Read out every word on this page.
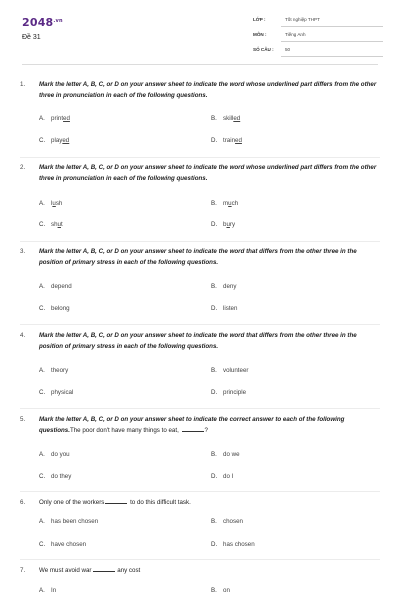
$2048^{.vn}$
Đề 31
LỚP :	Tốt nghiệp THPT
MÔN :	Tiếng Anh
SỐ CÂU :	50
1. Mark the letter A, B, C, or D on your answer sheet to indicate the word whose underlined part differs from the other three in pronunciation in each of the following questions.
A. printed	B. skilled
C. played	D. trained
2. Mark the letter A, B, C, or D on your answer sheet to indicate the word whose underlined part differs from the other three in pronunciation in each of the following questions.
A. lush	B. much
C. shut	D. bury
3. Mark the letter A, B, C, or D on your answer sheet to indicate the word that differs from the other three in the position of primary stress in each of the following questions.
A. depend	B. deny
C. belong	D. listen
4. Mark the letter A, B, C, or D on your answer sheet to indicate the word that differs from the other three in the position of primary stress in each of the following questions.
A. theory	B. volunteer
C. physical	D. principle
5. Mark the letter A, B, C, or D on your answer sheet to indicate the correct answer to each of the following questions.The poor don't have many things to eat,	?
A. do you	B. do we
C. do they	D. do I
6. Only one of the workers	to do this difficult task.
A. has been chosen	B. chosen
C. have chosen	D. has chosen
7. We must avoid war	any cost
A. In	B. on
